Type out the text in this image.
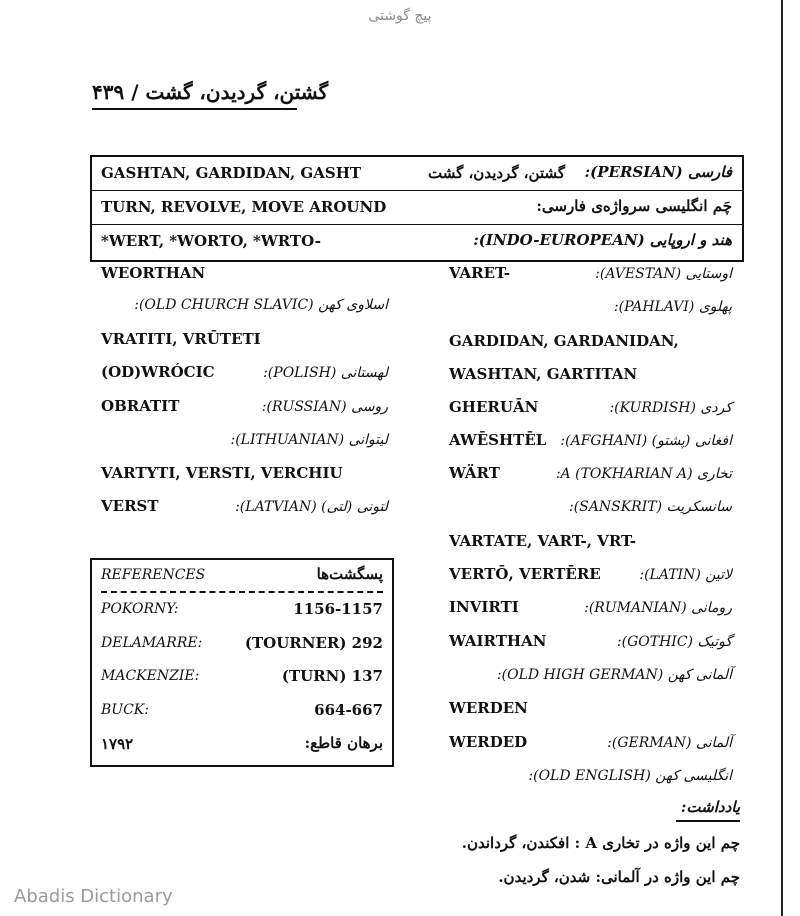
پیچ گوشتی
گشتن، گردیدن، گشت / ۴۳۹
GASHTAN, GARDIDAN, GASHT	گشتن، گردیدن، گشت فارسی (PERSIAN):
TURN, REVOLVE, MOVE AROUND	چَم انگلیسی سرواژه‌ی فارسی:
*WERT, *WORTO, *WRTO-	هند و اروپایی (INDO-EUROPEAN):
WEORTHAN
اسلاوی کهن (OLD CHURCH SLAVIC):
VRATITI, VRŪTETI
(OD)WRÓCIC	لهستانی (POLISH):
OBRATIT	روسی (RUSSIAN):
لیتوانی (LITHUANIAN):
VARTYTI, VERSTI, VERCHIU
VERST	لتونی (لتی) (LATVIAN):
VARET-	اوستایی (AVESTAN):
پهلوی (PAHLAVI):
GARDIDAN, GARDANIDAN,
WASHTAN, GARTITAN
GHERUĀN	کردی (KURDISH):
AWĒSHTĒL افغانی (پشتو) (AFGHANI):
WÄRT	تخاری A (TOKHARIAN A):
سانسکریت (SANSKRIT):
VARTATE, VART-, VRT-
VERTŌ, VERTĒRE	لاتین (LATIN):
INVIRTI	رومانی (RUMANIAN):
WAIRTHAN	گوتیک (GOTHIC):
آلمانی کهن (OLD HIGH GERMAN):
WERDEN
WERDED	آلمانی (GERMAN):
انگلیسی کهن (OLD ENGLISH):
REFERENCES	پسگشت‌ها
POKORNY:	1156-1157
DELAMARRE:	(TOURNER) 292
MACKENZIE:	(TURN) 137
BUCK:	664-667
۱۷۹۲	برهان قاطع:
یادداشت:
چم این واژه در تخاری A : افکندن، گرداندن.
چم این واژه در آلمانی: شدن، گردیدن.
Abadis Dictionary
